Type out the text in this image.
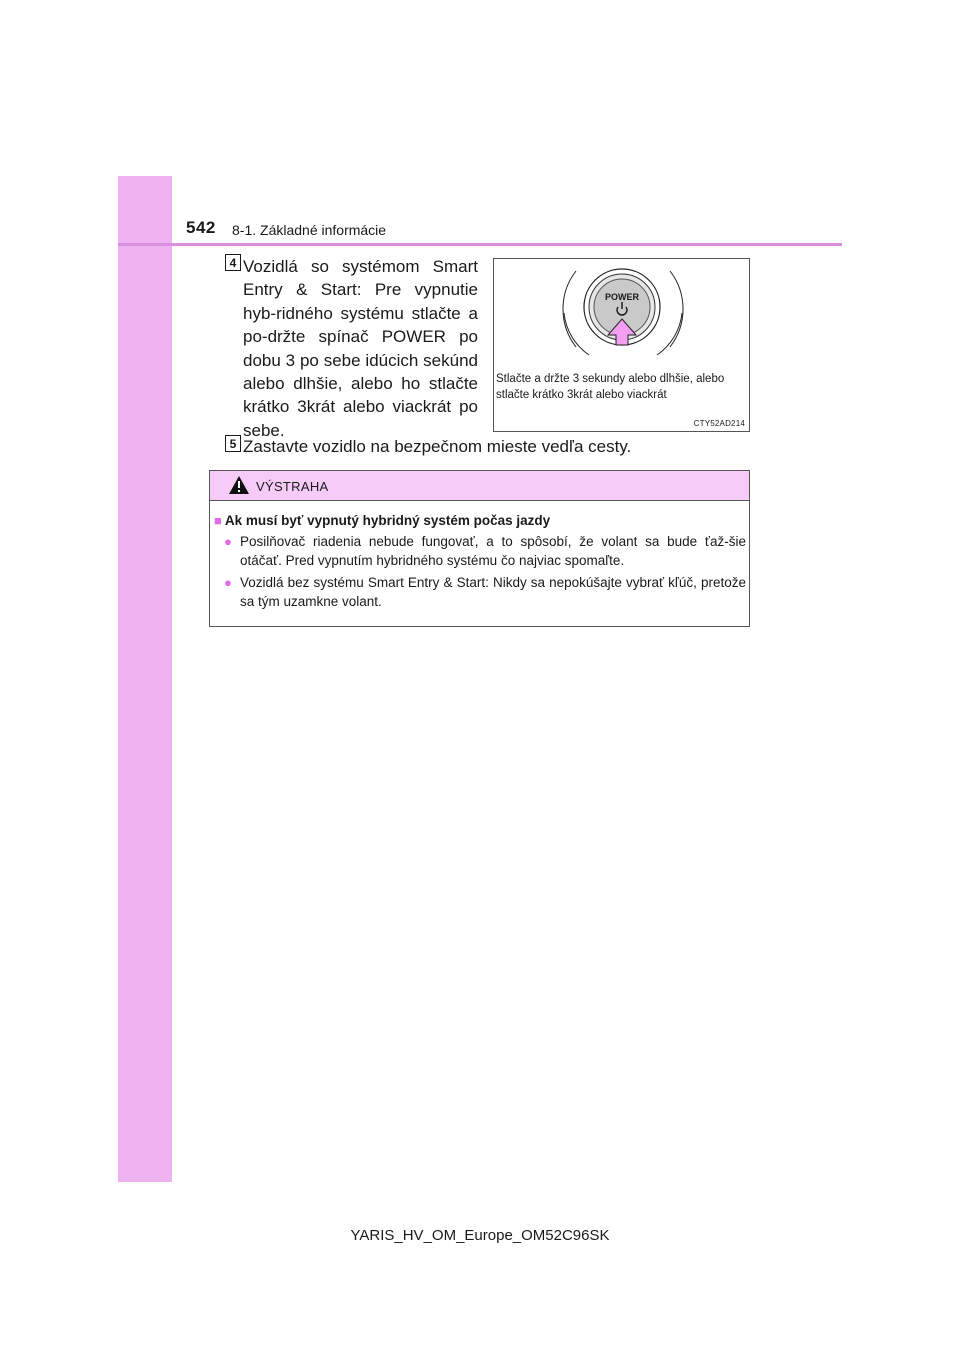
542 8-1. Základné informácie
4 Vozidlá so systémom Smart Entry & Start: Pre vypnutie hyb-ridného systému stlačte a po-držte spínač POWER po dobu 3 po sebe idúcich sekúnd alebo dlhšie, alebo ho stlačte krátko 3krát alebo viackrát po sebe.
POWER
Stlačte a držte 3 sekundy alebo dlhšie, alebo stlačte krátko 3krát alebo viackrát
CTY52AD214
5 Zastavte vozidlo na bezpečnom mieste vedľa cesty.
VÝSTRAHA
■ Ak musí byť vypnutý hybridný systém počas jazdy
● Posilňovač riadenia nebude fungovať, a to spôsobí, že volant sa bude ťaž-šie otáčať. Pred vypnutím hybridného systému čo najviac spomaľte.
● Vozidlá bez systému Smart Entry & Start: Nikdy sa nepokúšajte vybrať kľúč, pretože sa tým uzamkne volant.
YARIS_HV_OM_Europe_OM52C96SK
